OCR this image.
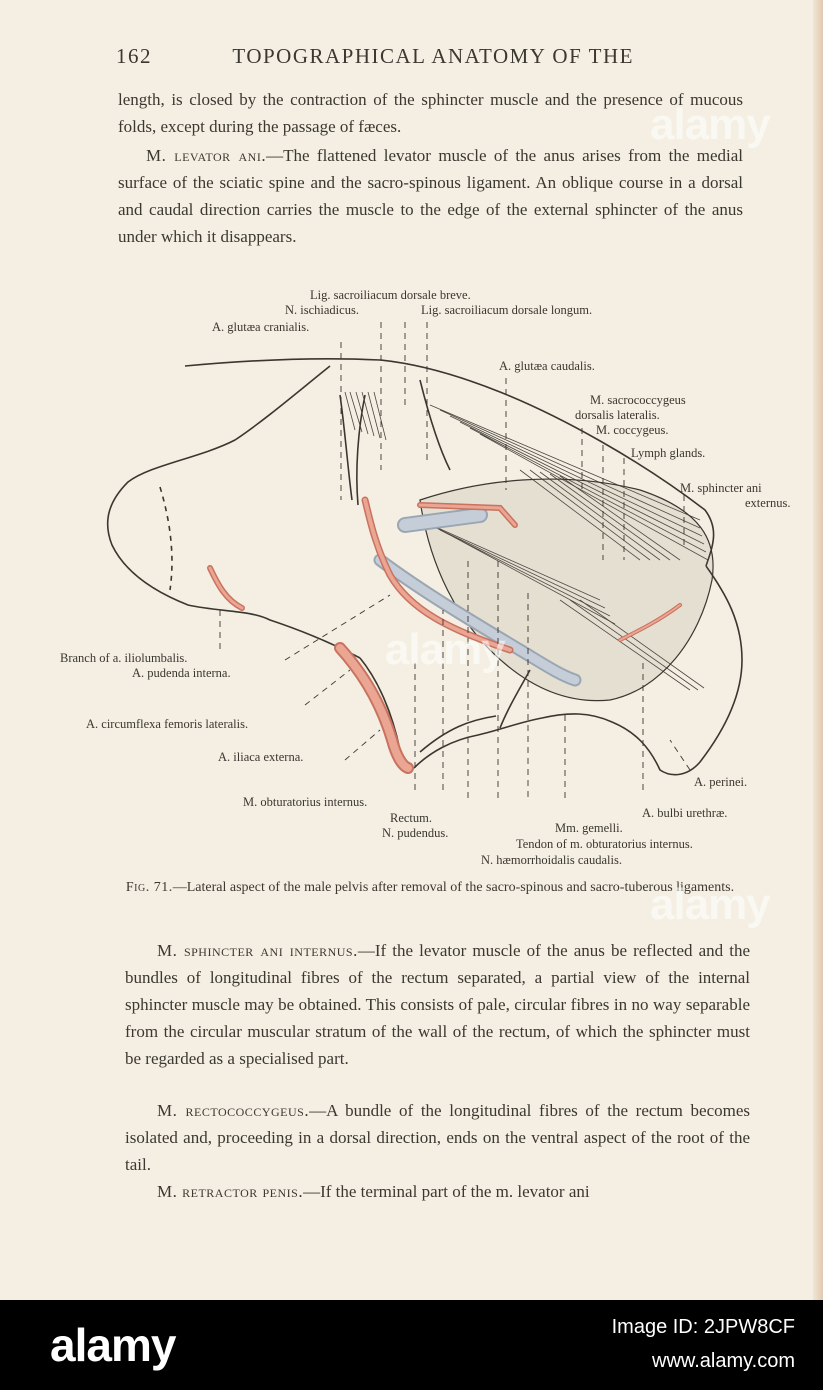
162	TOPOGRAPHICAL ANATOMY OF THE
length, is closed by the contraction of the sphincter muscle and the presence of mucous folds, except during the passage of fæces.
M. levator ani.—The flattened levator muscle of the anus arises from the medial surface of the sciatic spine and the sacro-spinous ligament. An oblique course in a dorsal and caudal direction carries the muscle to the edge of the external sphincter of the anus under which it disappears.
Lig. sacroiliacum dorsale breve.
N. ischiadicus.	Lig. sacroiliacum dorsale longum.
A. glutæa cranialis.
A. glutæa caudalis.
M. sacrococcygeus
dorsalis lateralis.
M. coccygeus.
Lymph glands.
M. sphincter ani
externus.
Branch of a. iliolumbalis.
A. pudenda interna.
A. circumflexa femoris lateralis.
A. iliaca externa.
A. perinei.
M. obturatorius internus.
A. bulbi urethræ.
Rectum.
Mm. gemelli.
N. pudendus.
Tendon of m. obturatorius internus.
N. hæmorrhoidalis caudalis.
Fig. 71.—Lateral aspect of the male pelvis after removal of the sacro-spinous and sacro-tuberous ligaments.
M. sphincter ani internus.—If the levator muscle of the anus be reflected and the bundles of longitudinal fibres of the rectum separated, a partial view of the internal sphincter muscle may be obtained. This consists of pale, circular fibres in no way separable from the circular muscular stratum of the wall of the rectum, of which the sphincter must be regarded as a specialised part.
M. rectococcygeus.—A bundle of the longitudinal fibres of the rectum becomes isolated and, proceeding in a dorsal direction, ends on the ventral aspect of the root of the tail.
M. retractor penis.—If the terminal part of the m. levator ani
alamy
alamy
alamy
alamy	Image ID: 2JPW8CF
www.alamy.com
